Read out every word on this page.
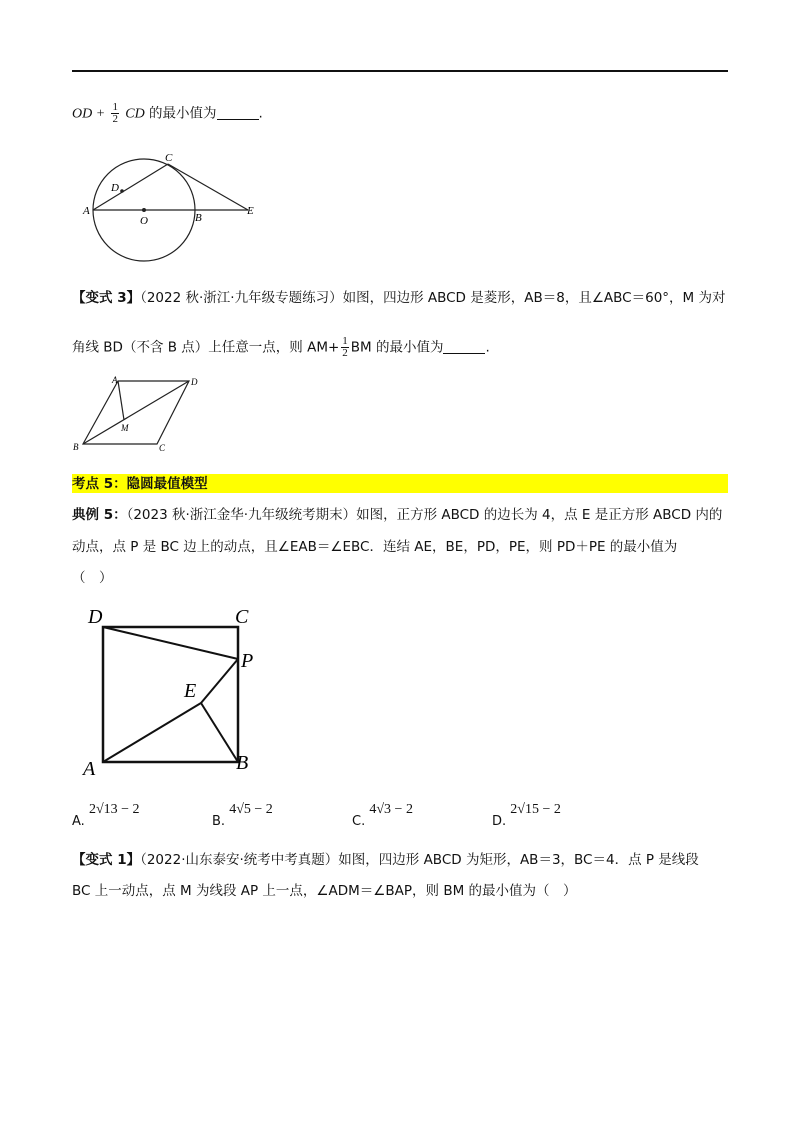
OD + $\frac{1}{2}$ CD 的最小值为	.
A
O	B
E
C
D
【变式 3】（2022 秋·浙江·九年级专题练习）如图，四边形 ABCD 是菱形，AB＝8，且∠ABC＝60°，M 为对
角线 BD（不含 B 点）上任意一点，则 $AM+ \frac{1}{2}$ BM 的最小值为	.
A	D
B	C
M
考点 5：隐圆最值模型
典例 5：（2023 秋·浙江金华·九年级统考期末）如图，正方形 ABCD 的边长为 4，点 E 是正方形 ABCD 内的
动点，点 P 是 BC 边上的动点，且∠EAB＝∠EBC．连结 AE，BE，PD，PE，则 PD＋PE 的最小值为
（　）
D	C
P
E
A	B
A. 2√13 − 2
B. 4√5 − 2
C. 4√3 − 2
D. 2√15 − 2
【变式 1】（2022·山东泰安·统考中考真题）如图，四边形 ABCD 为矩形，AB＝3，BC＝4．点 P 是线段
BC 上一动点，点 M 为线段 AP 上一点，∠ADM＝∠BAP，则 BM 的最小值为（　）
